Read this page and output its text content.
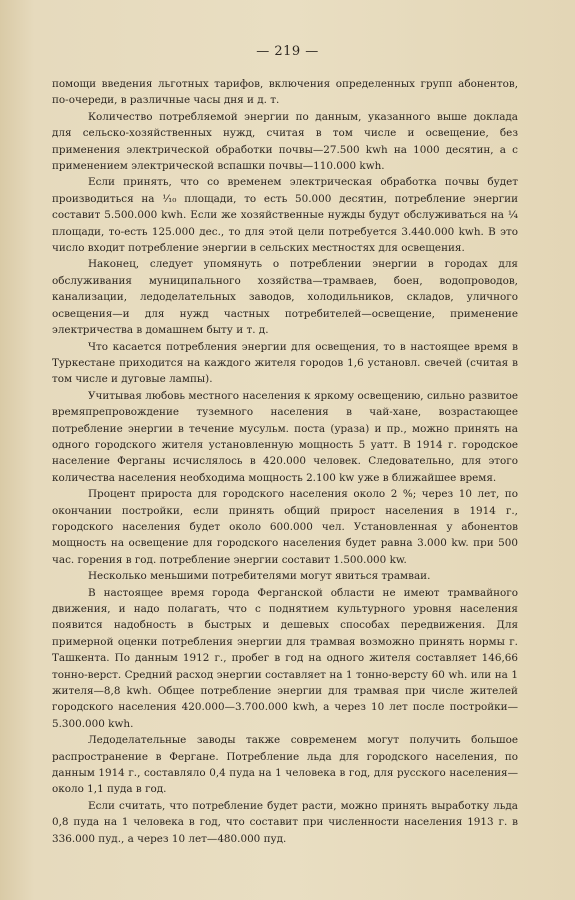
— 219 —

помощи введения льготных тарифов, включения определенных групп абонентов, по-очереди, в различные часы дня и д. т.

Количество потребляемой энергии по данным, указанного выше доклада для сельско-хозяйственных нужд, считая в том числе и освещение, без применения электрической обработки почвы—27.500 kwh на 1000 десятин, а с применением электрической вспашки почвы—110.000 kwh.

Если принять, что со временем электрическая обработка почвы будет производиться на ¹⁄₁₀ площади, то есть 50.000 десятин, потребление энергии составит 5.500.000 kwh. Если же хозяйственные нужды будут обслуживаться на ¼ площади, то-есть 125.000 дес., то для этой цели потребуется 3.440.000 kwh. В это число входит потребление энергии в сельских местностях для освещения.

Наконец, следует упомянуть о потреблении энергии в городах для обслуживания муниципального хозяйства—трамваев, боен, водопроводов, канализации, ледоделательных заводов, холодильников, складов, уличного освещения—и для нужд частных потребителей—освещение, применение электричества в домашнем быту и т. д.

Что касается потребления энергии для освещения, то в настоящее время в Туркестане приходится на каждого жителя городов 1,6 установл. свечей (считая в том числе и дуговые лампы).

Учитывая любовь местного населения к яркому освещению, сильно развитое времяпрепровождение туземного населения в чай-хане, возрастающее потребление энергии в течение мусульм. поста (ураза) и пр., можно принять на одного городского жителя установленную мощность 5 уатт. В 1914 г. городское население Ферганы исчислялось в 420.000 человек. Следовательно, для этого количества населения необходима мощность 2.100 kw уже в ближайшее время.

Процент прироста для городского населения около 2 %; через 10 лет, по окончании постройки, если принять общий прирост населения в 1914 г., городского населения будет около 600.000 чел. Установленная у абонентов мощность на освещение для городского населения будет равна 3.000 kw. при 500 час. горения в год. потребление энергии составит 1.500.000 kw.

Несколько меньшими потребителями могут явиться трамваи.

В настоящее время города Ферганской области не имеют трамвайного движения, и надо полагать, что с поднятием культурного уровня населения появится надобность в быстрых и дешевых способах передвижения. Для примерной оценки потребления энергии для трамвая возможно принять нормы г. Ташкента. По данным 1912 г., пробег в год на одного жителя составляет 146,66 тонно-верст. Средний расход энергии составляет на 1 тонно-версту 60 wh. или на 1 жителя—8,8 kwh. Общее потребление энергии для трамвая при числе жителей городского населения 420.000—3.700.000 kwh, а через 10 лет после постройки—5.300.000 kwh.

Ледоделательные заводы также современем могут получить большое распространение в Фергане. Потребление льда для городского населения, по данным 1914 г., составляло 0,4 пуда на 1 человека в год, для русского населения—около 1,1 пуда в год.

Если считать, что потребление будет расти, можно принять выработку льда 0,8 пуда на 1 человека в год, что составит при численности населения 1913 г. в 336.000 пуд., а через 10 лет—480.000 пуд.
